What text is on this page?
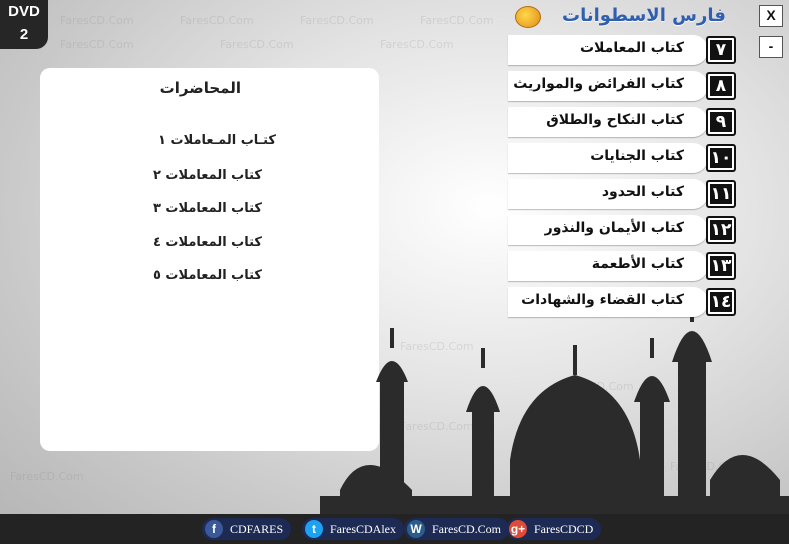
FaresCD.Com	FaresCD.Com	FaresCD.Com	FaresCD.Com
FaresCD.Com	FaresCD.Com	FaresCD.Com
FaresCD.Com
FaresCD.Com
FaresCD.Com
FaresCD.Com
DVD
2
X
-
فارس الاسطوانات
المحاضرات
كتـاب المـعاملات ١
كتاب المعاملات ٢
كتاب المعاملات ٣
كتاب المعاملات ٤
كتاب المعاملات ٥
كتاب المعاملات	٧
كتاب الفرائض والمواريث	٨
كتاب النكاح والطلاق	٩
كتاب الجنايات ١٠
كتاب الحدود ١١
كتاب الأيمان والنذور ١٢
كتاب الأطعمة ١٣
كتاب القضاء والشهادات ١٤
f	CDFARES	t	FaresCDAlex	W FaresCD.Com g+ FaresCDCD
